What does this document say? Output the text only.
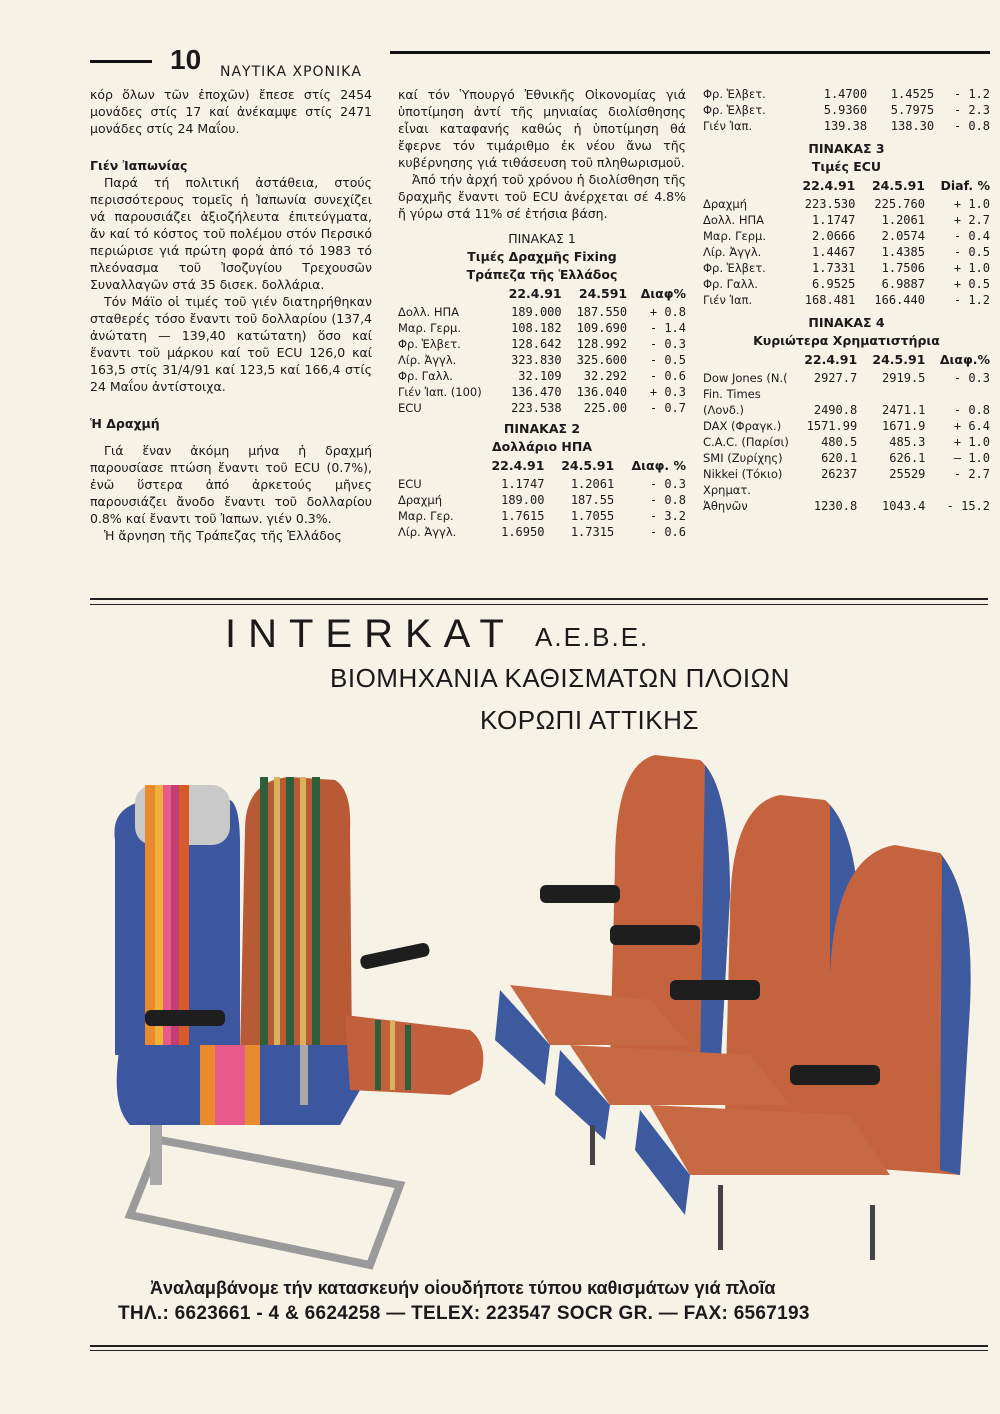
10 ΝΑΥΤΙΚΑ ΧΡΟΝΙΚΑ

κόρ ὅλων τῶν ἐποχῶν) ἔπεσε στίς 2454 μονάδες στίς 17 καί ἀνέκαμψε στίς 2471 μονάδες στίς 24 Μαΐου.

Γιέν Ἰαπωνίας

Παρά τή πολιτική ἀστάθεια, στούς περισσότερους τομεῖς ἡ Ἰαπωνία συνεχίζει νά παρουσιάζει ἀξιοζήλευτα ἐπιτεύγματα, ἄν καί τό κόστος τοῦ πολέμου στόν Περσικό περιώρισε γιά πρώτη φορά ἀπό τό 1983 τό πλεόνασμα τοῦ Ἰσοζυγίου Τρεχουσῶν Συναλλαγῶν στά 35 δισεκ. δολλάρια.

Τόν Μάϊο οἱ τιμές τοῦ γιέν διατηρήθηκαν σταθερές τόσο ἔναντι τοῦ δολλαρίου (137,4 ἀνώτατη — 139,40 κατώτατη) ὅσο καί ἔναντι τοῦ μάρκου καί τοῦ ECU 126,0 καί 163,5 στίς 31/4/91 καί 123,5 καί 166,4 στίς 24 Μαΐου ἀντίστοιχα.

Ἡ Δραχμή

Γιά ἕναν ἀκόμη μήνα ἡ δραχμή παρουσίασε πτώση ἔναντι τοῦ ECU (0.7%), ἐνῶ ὕστερα ἀπό ἀρκετούς μῆνες παρουσιάζει ἄνοδο ἔναντι τοῦ δολλαρίου 0.8% καί ἔναντι τοῦ Ἰαπων. γιέν 0.3%.

Ἡ ἄρνηση τῆς Τράπεζας τῆς Ἑλλάδος

καί τόν Ὑπουργό Ἐθνικῆς Οἰκονομίας γιά ὑποτίμηση ἀντί τῆς μηνιαίας διολίσθησης εἶναι καταφανής καθώς ἡ ὑποτίμηση θά ἔφερνε τόν τιμάριθμο ἐκ νέου ἄνω τῆς κυβέρνησης γιά τιθάσευση τοῦ πληθωρισμοῦ.

Ἀπό τήν ἀρχή τοῦ χρόνου ἡ διολίσθηση τῆς δραχμῆς ἔναντι τοῦ ECU ἀνέρχεται σέ 4.8% ἤ γύρω στά 11% σέ ἐτήσια βάση.

ΠΙΝΑΚΑΣ 1
Τιμές Δραχμῆς Fixing
Τράπεζα τῆς Ἑλλάδος
	22.4.91	24.591	Διαφ%
Δολλ. ΗΠΑ	189.000	187.550	+ 0.8
Μαρ. Γερμ.	108.182	109.690	- 1.4
Φρ. Ἑλβετ.	128.642	128.992	- 0.3
Λίρ. Ἀγγλ.	323.830	325.600	- 0.5
Φρ. Γαλλ.	32.109	32.292	- 0.6
Γιέν Ἰαπ. (100)	136.470	136.040	+ 0.3
ECU	223.538	225.00	- 0.7
ΠΙΝΑΚΑΣ 2
Δολλάριο ΗΠΑ
	22.4.91	24.5.91	Διαφ. %
ECU	1.1747	1.2061	- 0.3
Δραχμή	189.00	187.55	- 0.8
Μαρ. Γερ.	1.7615	1.7055	- 3.2
Λίρ. Ἀγγλ.	1.6950	1.7315	- 0.6
Φρ. Ἑλβετ.	1.4700	1.4525	- 1.2
Φρ. Ἑλβετ.	5.9360	5.7975	- 2.3
Γιέν Ἰαπ.	139.38	138.30	- 0.8
ΠΙΝΑΚΑΣ 3
Τιμές ECU
	22.4.91	24.5.91	Diaf. %
Δραχμή	223.530	225.760	+ 1.0
Δολλ. ΗΠΑ	1.1747	1.2061	+ 2.7
Μαρ. Γερμ.	2.0666	2.0574	- 0.4
Λίρ. Ἀγγλ.	1.4467	1.4385	- 0.5
Φρ. Ἑλβετ.	1.7331	1.7506	+ 1.0
Φρ. Γαλλ.	6.9525	6.9887	+ 0.5
Γιέν Ἰαπ.	168.481	166.440	- 1.2
ΠΙΝΑΚΑΣ 4
Κυριώτερα Χρηματιστήρια
	22.4.91	24.5.91	Διαφ.%
Dow Jones (N.(	2927.7	2919.5	- 0.3
Fin. Times (Λονδ.)	2490.8	2471.1	- 0.8
DAX (Φραγκ.)	1571.99	1671.9	+ 6.4
C.A.C. (Παρίσι)	480.5	485.3	+ 1.0
SMI (Ζυρίχης)	620.1	626.1	– 1.0
Nikkei (Τόκιο)	26237	25529	- 2.7
Χρηματ. Ἀθηνῶν	1230.8	1043.4	- 15.2
INTERKAT A.E.B.E.
ΒΙΟΜΗΧΑΝΙΑ ΚΑΘΙΣΜΑΤΩΝ ΠΛΟΙΩΝ
ΚΟΡΩΠΙ ΑΤΤΙΚΗΣ
Ἀναλαμβάνομε τήν κατασκευήν οἱουδήποτε τύπου καθισμάτων γιά πλοῖα
ΤΗΛ.: 6623661 - 4 & 6624258 — TELEX: 223547 SOCR GR. — FAX: 6567193
